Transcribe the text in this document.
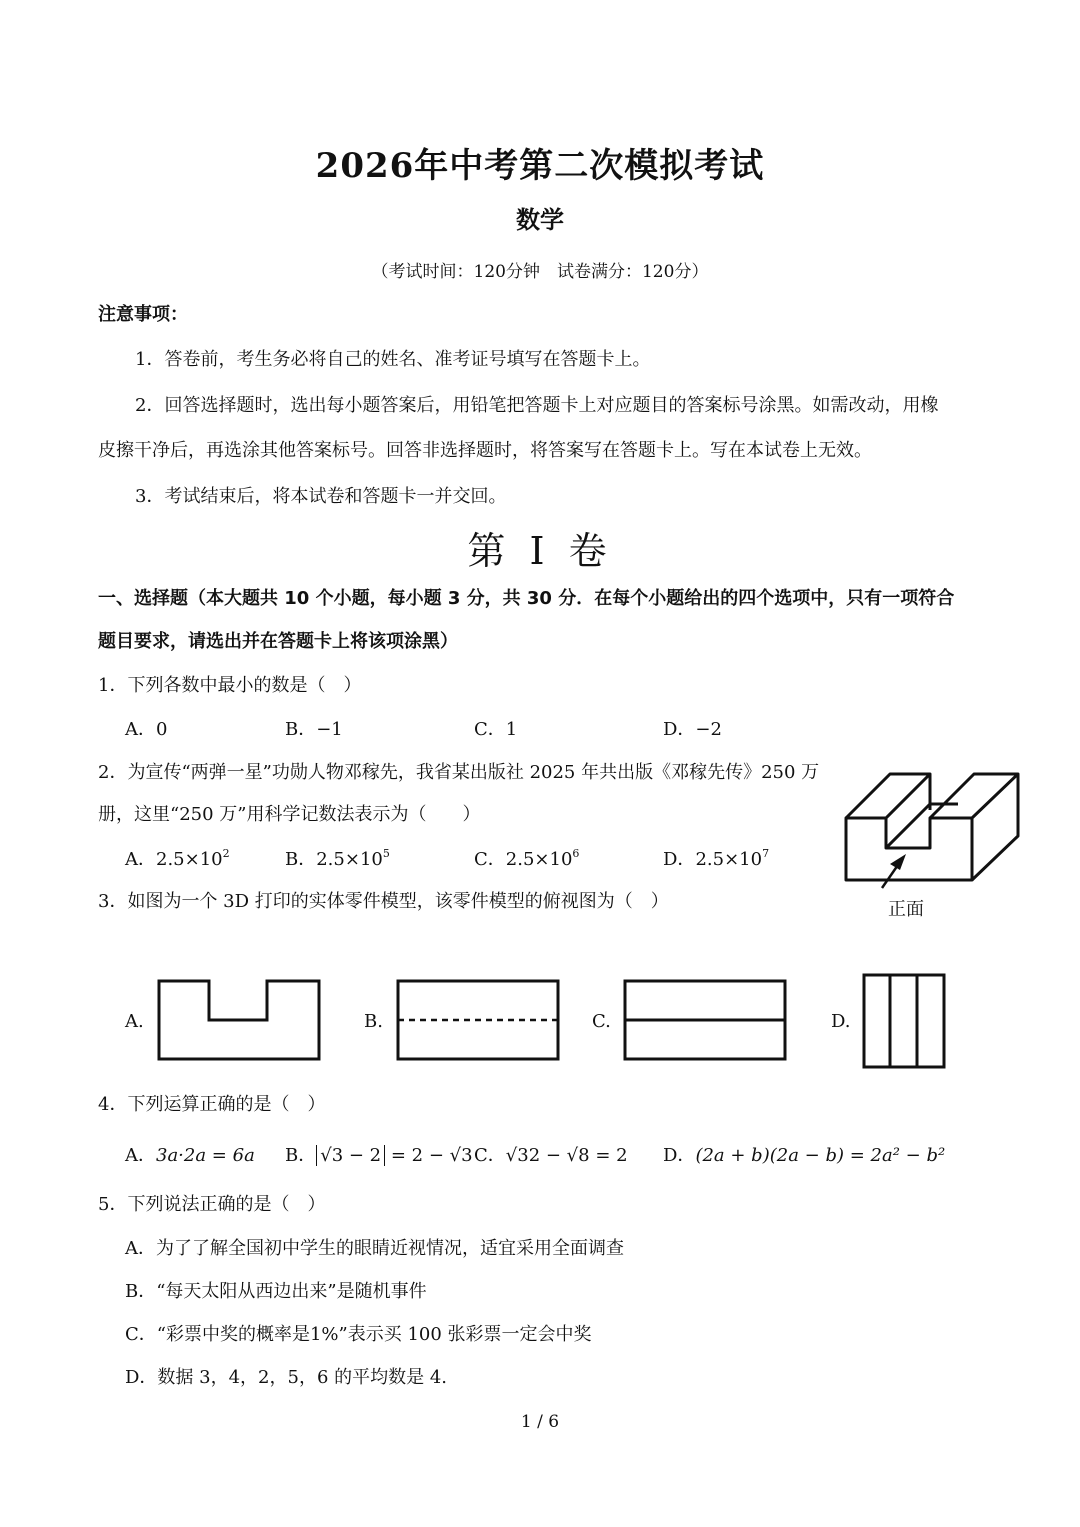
2026年中考第二次模拟考试
数学
（考试时间：120分钟　试卷满分：120分）
注意事项：
1．答卷前，考生务必将自己的姓名、准考证号填写在答题卡上。
2．回答选择题时，选出每小题答案后，用铅笔把答题卡上对应题目的答案标号涂黑。如需改动，用橡
皮擦干净后，再选涂其他答案标号。回答非选择题时，将答案写在答题卡上。写在本试卷上无效。
3．考试结束后，将本试卷和答题卡一并交回。
第 I 卷
一、选择题（本大题共 10 个小题，每小题 3 分，共 30 分．在每个小题给出的四个选项中，只有一项符合
题目要求，请选出并在答题卡上将该项涂黑）
1．下列各数中最小的数是（　）
A．0	B．−1	C．1	D．−2
2．为宣传“两弹一星”功勋人物邓稼先，我省某出版社 2025 年共出版《邓稼先传》250 万
册，这里“250 万”用科学记数法表示为（　　）
A．$2.5\times 10^2$	B．$2.5\times 10^5$	C．$2.5\times 10^6$	D．$2.5\times 10^7$
正面
3．如图为一个 3D 打印的实体零件模型，该零件模型的俯视图为（　）
A.	B.	C.	D.
4．下列运算正确的是（　）
A．3a·2a = 6a B． √3 − 2 = 2 − √3 C．√32 − √8 = 2 D．(2a + b)(2a − b) = 2a² − b²
5．下列说法正确的是（　）
A．为了了解全国初中学生的眼睛近视情况，适宜采用全面调查
B．“每天太阳从西边出来”是随机事件
C．“彩票中奖的概率是1%”表示买 100 张彩票一定会中奖
D．数据 3，4，2，5，6 的平均数是 4.
1 / 6
